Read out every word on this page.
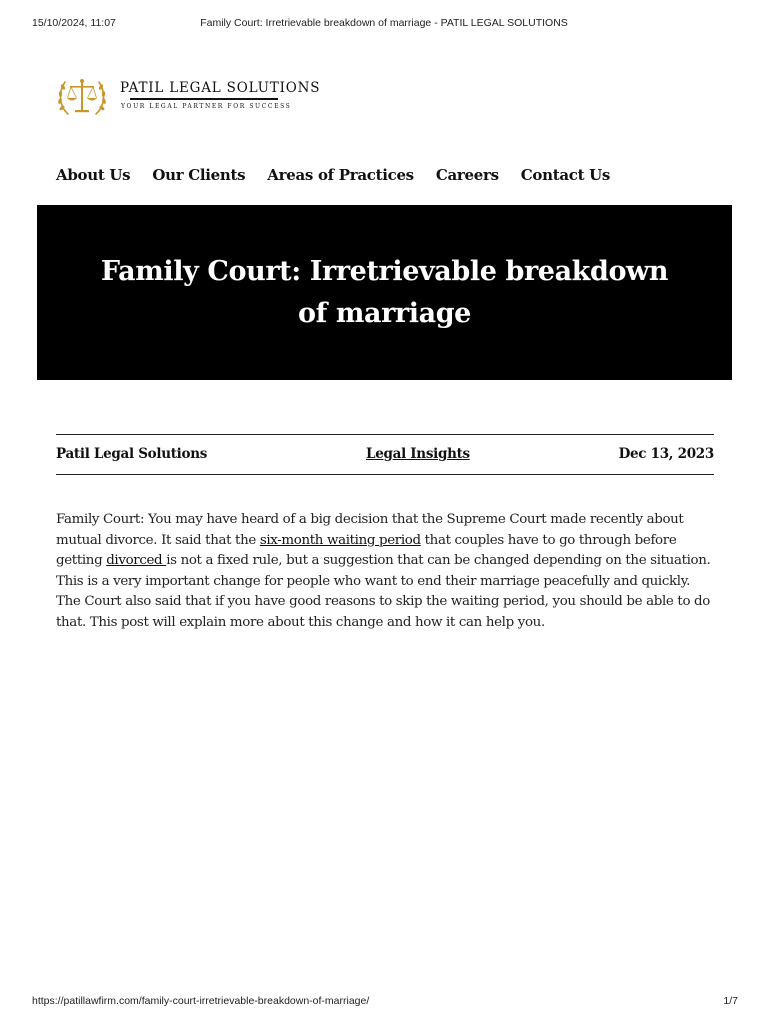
15/10/2024, 11:07	Family Court: Irretrievable breakdown of marriage - PATIL LEGAL SOLUTIONS
PATIL LEGAL SOLUTIONS
YOUR LEGAL PARTNER FOR SUCCESS
About Us Our Clients Areas of Practices Careers Contact Us
Family Court: Irretrievable breakdown of marriage
Patil Legal Solutions	Legal Insights	Dec 13, 2023

Family Court: You may have heard of a big decision that the Supreme Court made recently about mutual divorce. It said that the six-month waiting period that couples have to go through before getting divorced is not a fixed rule, but a suggestion that can be changed depending on the situation. This is a very important change for people who want to end their marriage peacefully and quickly. The Court also said that if you have good reasons to skip the waiting period, you should be able to do that. This post will explain more about this change and how it can help you.

https://patillawfirm.com/family-court-irretrievable-breakdown-of-marriage/	1/7
